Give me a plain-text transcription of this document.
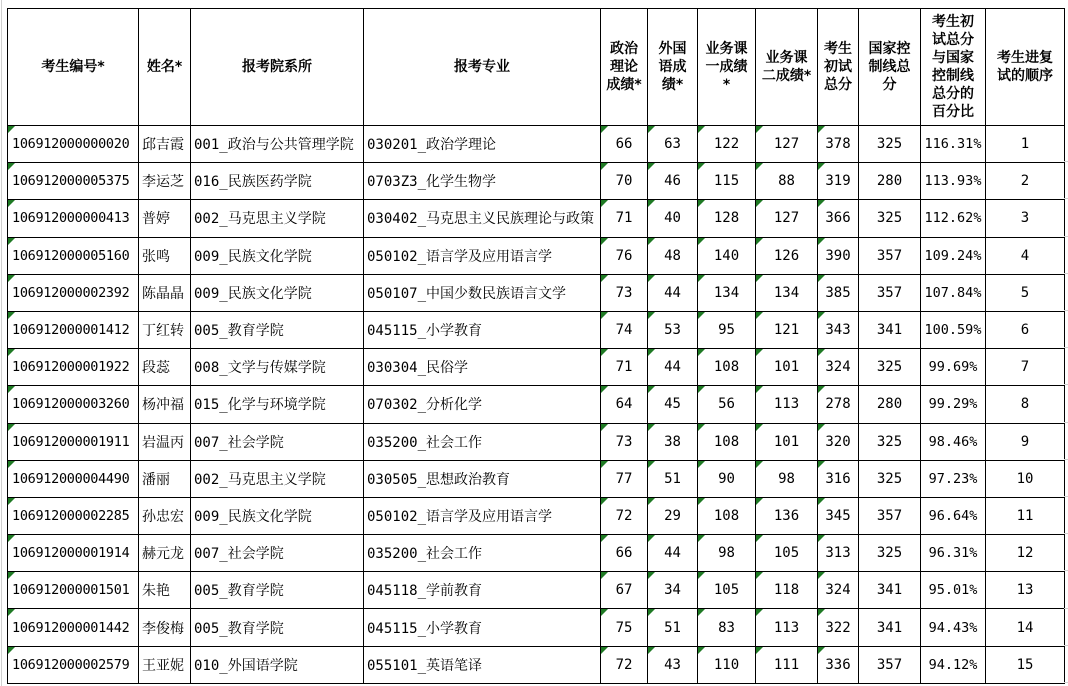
考生编号*	姓名*	报考院系所	报考专业	政治理论成绩*	外国语成绩*	业务课一成绩*	业务课二成绩*	考生初试总分	国家控制线总分	考生初试总分与国家控制线总分的百分比	考生进复试的顺序
106912000000020	邱吉霞	001_政治与公共管理学院	030201_政治学理论	66	63	122	127	378	325	116.31%	1
106912000005375	李运芝	016_民族医药学院	0703Z3_化学生物学	70	46	115	88	319	280	113.93%	2
106912000000413	普婷	002_马克思主义学院	030402_马克思主义民族理论与政策	71	40	128	127	366	325	112.62%	3
106912000005160	张鸣	009_民族文化学院	050102_语言学及应用语言学	76	48	140	126	390	357	109.24%	4
106912000002392	陈晶晶	009_民族文化学院	050107_中国少数民族语言文学	73	44	134	134	385	357	107.84%	5
106912000001412	丁红转	005_教育学院	045115_小学教育	74	53	95	121	343	341	100.59%	6
106912000001922	段蕊	008_文学与传媒学院	030304_民俗学	71	44	108	101	324	325	99.69%	7
106912000003260	杨冲福	015_化学与环境学院	070302_分析化学	64	45	56	113	278	280	99.29%	8
106912000001911	岩温丙	007_社会学院	035200_社会工作	73	38	108	101	320	325	98.46%	9
106912000004490	潘丽	002_马克思主义学院	030505_思想政治教育	77	51	90	98	316	325	97.23%	10
106912000002285	孙忠宏	009_民族文化学院	050102_语言学及应用语言学	72	29	108	136	345	357	96.64%	11
106912000001914	赫元龙	007_社会学院	035200_社会工作	66	44	98	105	313	325	96.31%	12
106912000001501	朱艳	005_教育学院	045118_学前教育	67	34	105	118	324	341	95.01%	13
106912000001442	李俊梅	005_教育学院	045115_小学教育	75	51	83	113	322	341	94.43%	14
106912000002579	王亚妮	010_外国语学院	055101_英语笔译	72	43	110	111	336	357	94.12%	15
